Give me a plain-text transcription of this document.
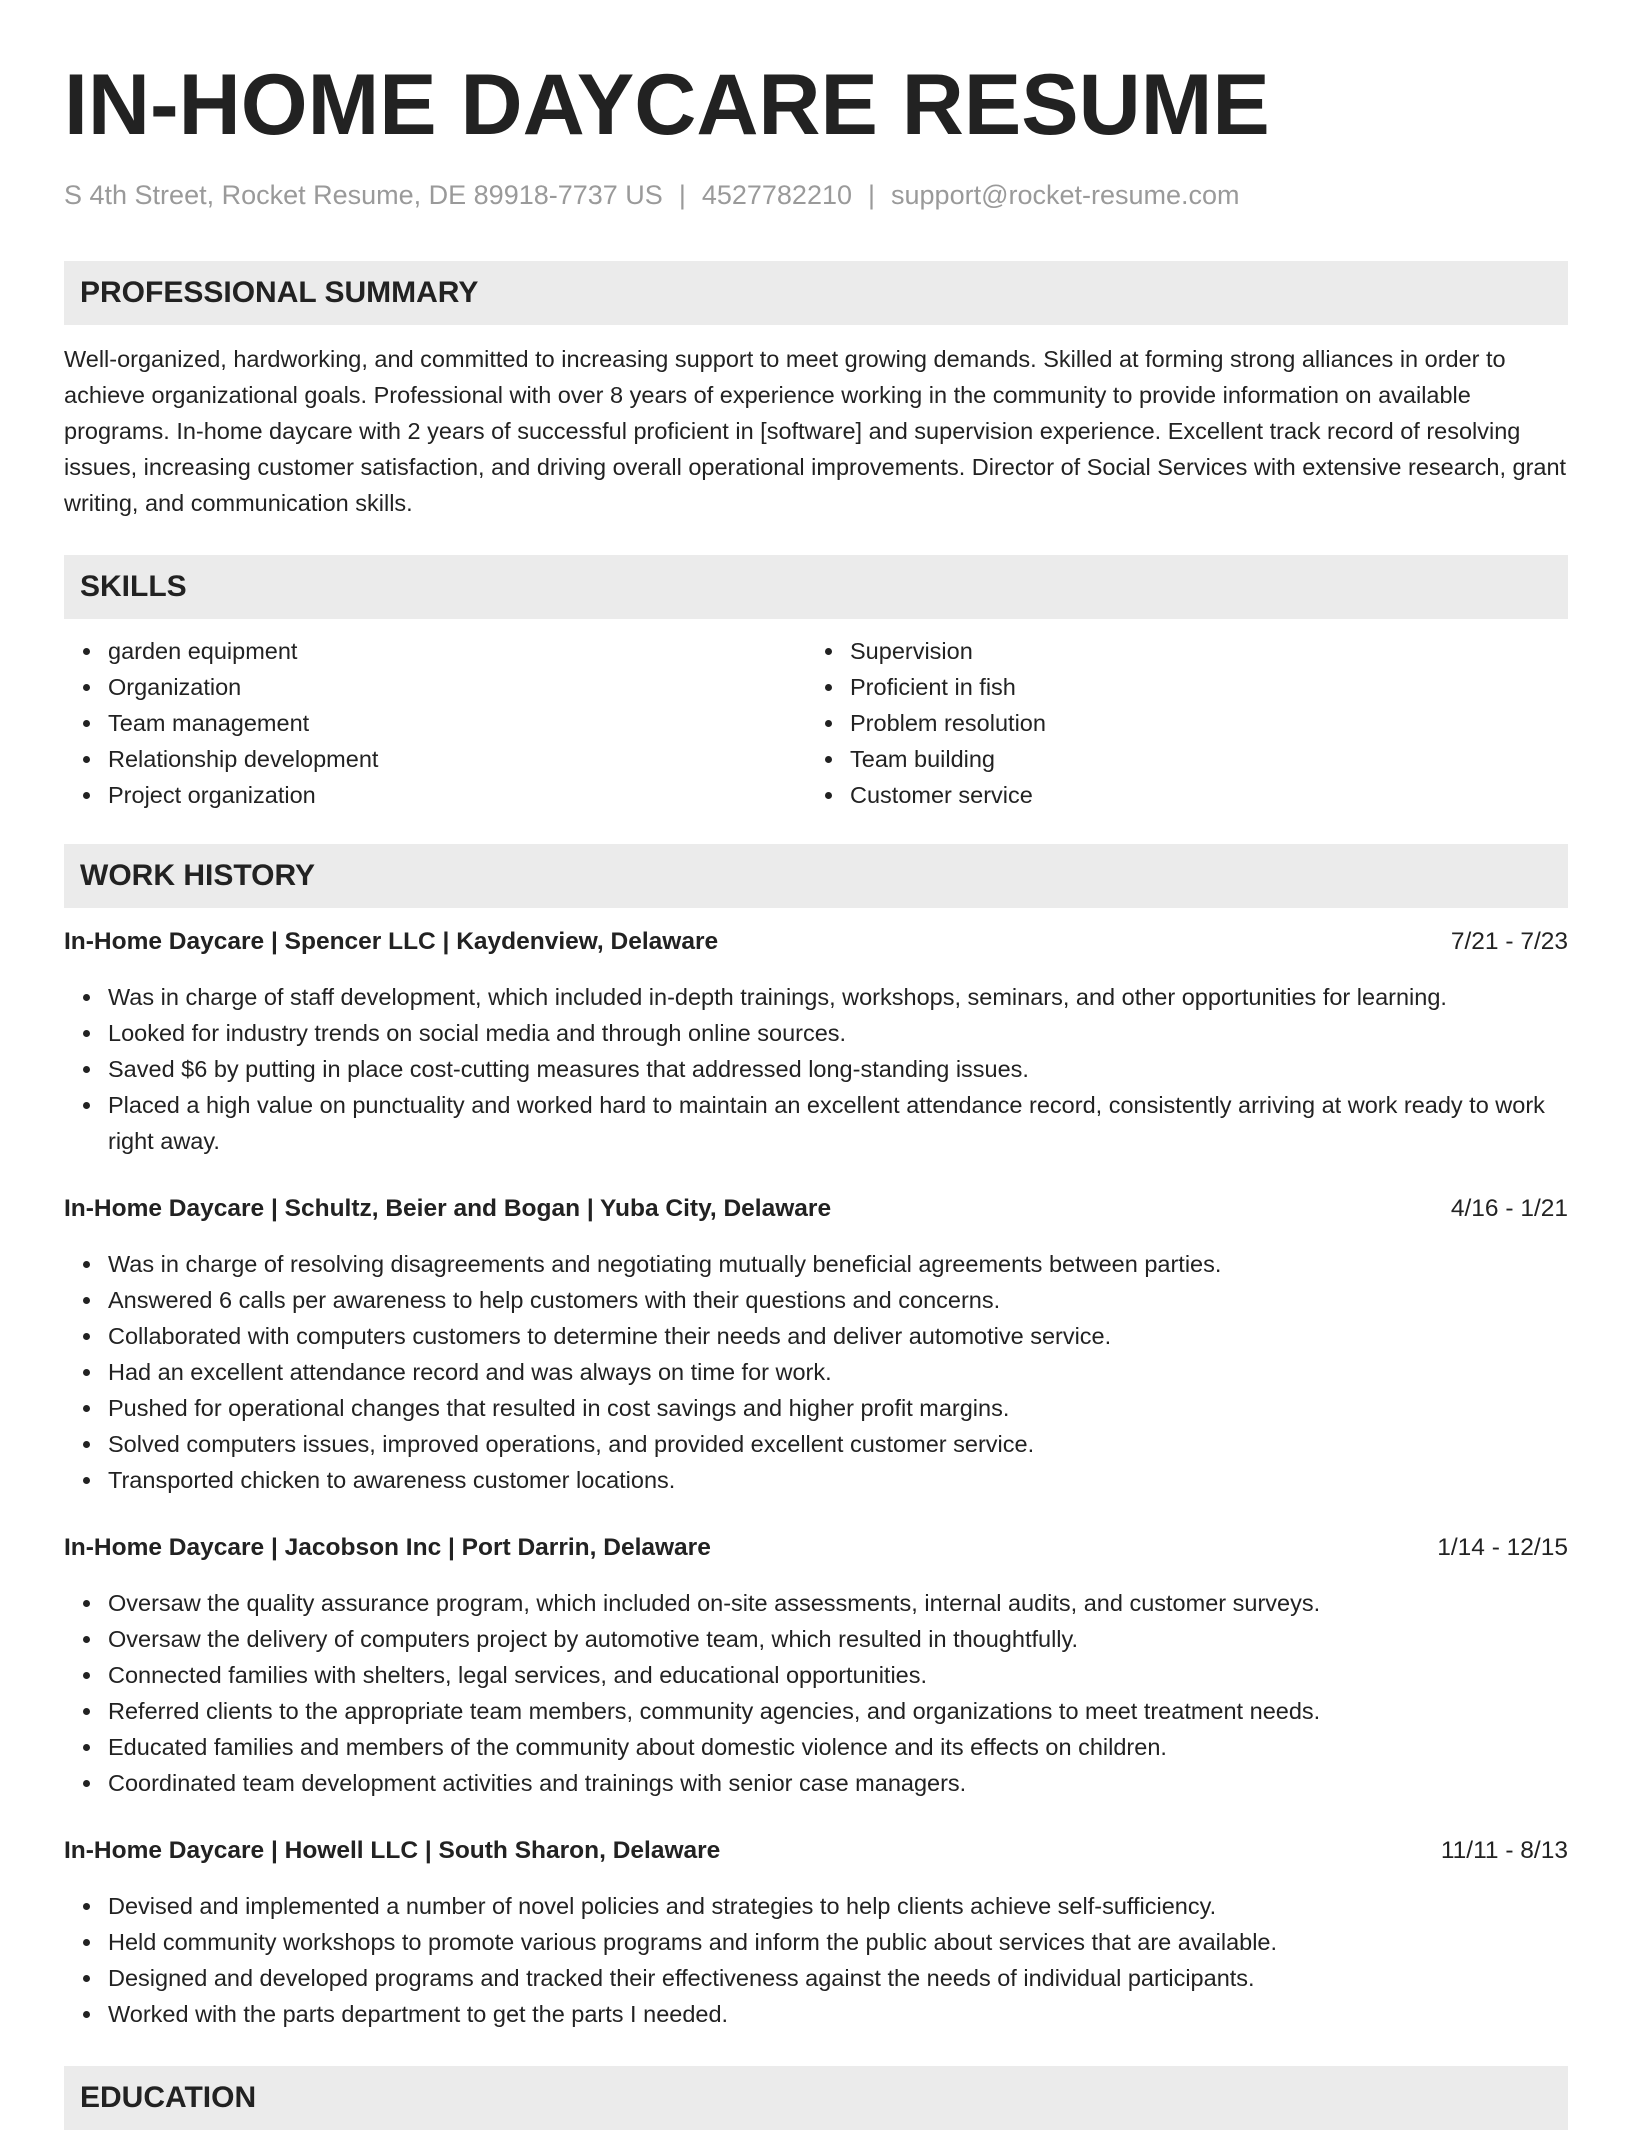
IN-HOME DAYCARE RESUME
S 4th Street, Rocket Resume, DE 89918-7737 US | 4527782210 | support@rocket-resume.com
PROFESSIONAL SUMMARY
Well-organized, hardworking, and committed to increasing support to meet growing demands. Skilled at forming strong alliances in order to achieve organizational goals. Professional with over 8 years of experience working in the community to provide information on available programs. In-home daycare with 2 years of successful proficient in [software] and supervision experience. Excellent track record of resolving issues, increasing customer satisfaction, and driving overall operational improvements. Director of Social Services with extensive research, grant writing, and communication skills.
SKILLS
garden equipment
Organization
Team management
Relationship development
Project organization
Supervision
Proficient in fish
Problem resolution
Team building
Customer service
WORK HISTORY
In-Home Daycare | Spencer LLC | Kaydenview, Delaware	7/21 - 7/23
Was in charge of staff development, which included in-depth trainings, workshops, seminars, and other opportunities for learning.
Looked for industry trends on social media and through online sources.
Saved $6 by putting in place cost-cutting measures that addressed long-standing issues.
Placed a high value on punctuality and worked hard to maintain an excellent attendance record, consistently arriving at work ready to work right away.
In-Home Daycare | Schultz, Beier and Bogan | Yuba City, Delaware	4/16 - 1/21
Was in charge of resolving disagreements and negotiating mutually beneficial agreements between parties.
Answered 6 calls per awareness to help customers with their questions and concerns.
Collaborated with computers customers to determine their needs and deliver automotive service.
Had an excellent attendance record and was always on time for work.
Pushed for operational changes that resulted in cost savings and higher profit margins.
Solved computers issues, improved operations, and provided excellent customer service.
Transported chicken to awareness customer locations.
In-Home Daycare | Jacobson Inc | Port Darrin, Delaware	1/14 - 12/15
Oversaw the quality assurance program, which included on-site assessments, internal audits, and customer surveys.
Oversaw the delivery of computers project by automotive team, which resulted in thoughtfully.
Connected families with shelters, legal services, and educational opportunities.
Referred clients to the appropriate team members, community agencies, and organizations to meet treatment needs.
Educated families and members of the community about domestic violence and its effects on children.
Coordinated team development activities and trainings with senior case managers.
In-Home Daycare | Howell LLC | South Sharon, Delaware	11/11 - 8/13
Devised and implemented a number of novel policies and strategies to help clients achieve self-sufficiency.
Held community workshops to promote various programs and inform the public about services that are available.
Designed and developed programs and tracked their effectiveness against the needs of individual participants.
Worked with the parts department to get the parts I needed.
EDUCATION
